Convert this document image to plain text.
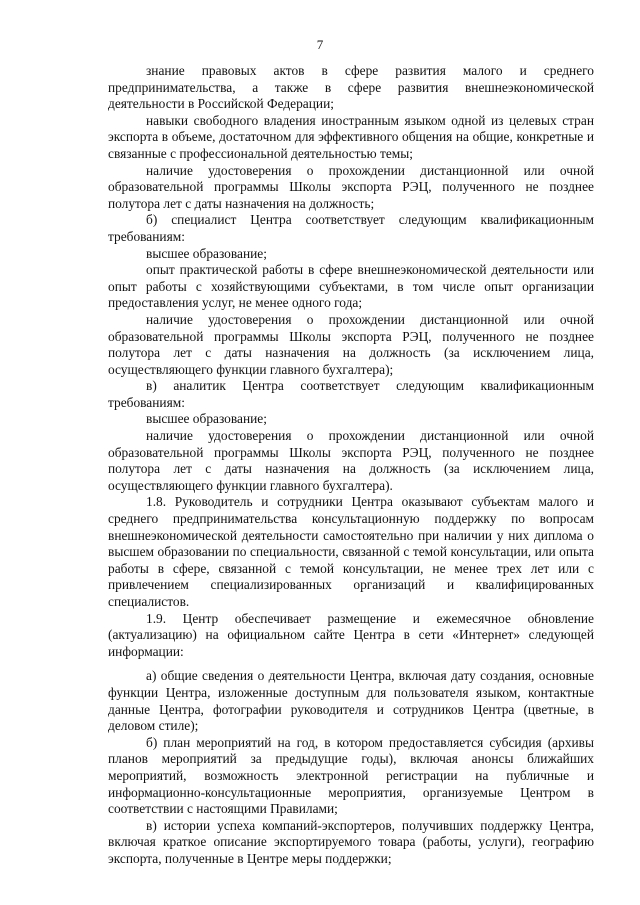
7

знание правовых актов в сфере развития малого и среднего предпринимательства, а также в сфере развития внешнеэкономической деятельности в Российской Федерации;

навыки свободного владения иностранным языком одной из целевых стран экспорта в объеме, достаточном для эффективного общения на общие, конкретные и связанные с профессиональной деятельностью темы;

наличие удостоверения о прохождении дистанционной или очной образовательной программы Школы экспорта РЭЦ, полученного не позднее полутора лет с даты назначения на должность;

б) специалист Центра соответствует следующим квалификационным требованиям:

высшее образование;

опыт практической работы в сфере внешнеэкономической деятельности или опыт работы с хозяйствующими субъектами, в том числе опыт организации предоставления услуг, не менее одного года;

наличие удостоверения о прохождении дистанционной или очной образовательной программы Школы экспорта РЭЦ, полученного не позднее полутора лет с даты назначения на должность (за исключением лица, осуществляющего функции главного бухгалтера);

в) аналитик Центра соответствует следующим квалификационным требованиям:

высшее образование;

наличие удостоверения о прохождении дистанционной или очной образовательной программы Школы экспорта РЭЦ, полученного не позднее полутора лет с даты назначения на должность (за исключением лица, осуществляющего функции главного бухгалтера).

1.8. Руководитель и сотрудники Центра оказывают субъектам малого и среднего предпринимательства консультационную поддержку по вопросам внешнеэкономической деятельности самостоятельно при наличии у них диплома о высшем образовании по специальности, связанной с темой консультации, или опыта работы в сфере, связанной с темой консультации, не менее трех лет или с привлечением специализированных организаций и квалифицированных специалистов.

1.9. Центр обеспечивает размещение и ежемесячное обновление (актуализацию) на официальном сайте Центра в сети «Интернет» следующей информации:

а) общие сведения о деятельности Центра, включая дату создания, основные функции Центра, изложенные доступным для пользователя языком, контактные данные Центра, фотографии руководителя и сотрудников Центра (цветные, в деловом стиле);

б) план мероприятий на год, в котором предоставляется субсидия (архивы планов мероприятий за предыдущие годы), включая анонсы ближайших мероприятий, возможность электронной регистрации на публичные и информационно-консультационные мероприятия, организуемые Центром в соответствии с настоящими Правилами;

в) истории успеха компаний-экспортеров, получивших поддержку Центра, включая краткое описание экспортируемого товара (работы, услуги), географию экспорта, полученные в Центре меры поддержки;
